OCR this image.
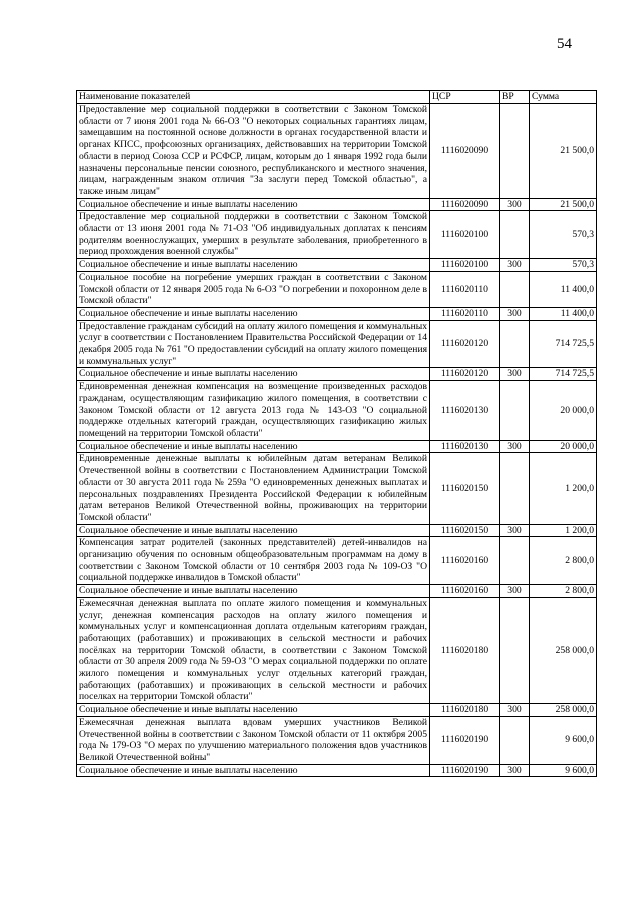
54
Наименование показателей	ЦСР	ВР	Сумма
Предоставление мер социальной поддержки в соответствии с Законом Томской области от 7 июня 2001 года № 66-ОЗ "О некоторых социальных гарантиях лицам, замещавшим на постоянной основе должности в органах государственной власти и органах КПСС, профсоюзных организациях, действовавших на территории Томской области в период Союза ССР и РСФСР, лицам, которым до 1 января 1992 года были назначены персональные пенсии союзного, республиканского и местного значения, лицам, награжденным знаком отличия "За заслуги перед Томской областью", а также иным лицам"	1116020090		21 500,0
Социальное обеспечение и иные выплаты населению	1116020090	300	21 500,0
Предоставление мер социальной поддержки в соответствии с Законом Томской области от 13 июня 2001 года № 71-ОЗ "Об индивидуальных доплатах к пенсиям родителям военнослужащих, умерших в результате заболевания, приобретенного в период прохождения военной службы"	1116020100		570,3
Социальное обеспечение и иные выплаты населению	1116020100	300	570,3
Социальное пособие на погребение умерших граждан в соответствии с Законом Томской области от 12 января 2005 года № 6-ОЗ "О погребении и похоронном деле в Томской области"	1116020110		11 400,0
Социальное обеспечение и иные выплаты населению	1116020110	300	11 400,0
Предоставление гражданам субсидий на оплату жилого помещения и коммунальных услуг в соответствии с Постановлением Правительства Российской Федерации от 14 декабря 2005 года № 761 "О предоставлении субсидий на оплату жилого помещения и коммунальных услуг"	1116020120		714 725,5
Социальное обеспечение и иные выплаты населению	1116020120	300	714 725,5
Единовременная денежная компенсация на возмещение произведенных расходов гражданам, осуществляющим газификацию жилого помещения, в соответствии с Законом Томской области от 12 августа 2013 года № 143-ОЗ "О социальной поддержке отдельных категорий граждан, осуществляющих газификацию жилых помещений на территории Томской области"	1116020130		20 000,0
Социальное обеспечение и иные выплаты населению	1116020130	300	20 000,0
Единовременные денежные выплаты к юбилейным датам ветеранам Великой Отечественной войны в соответствии с Постановлением Администрации Томской области от 30 августа 2011 года № 259а "О единовременных денежных выплатах и персональных поздравлениях Президента Российской Федерации к юбилейным датам ветеранов Великой Отечественной войны, проживающих на территории Томской области"	1116020150		1 200,0
Социальное обеспечение и иные выплаты населению	1116020150	300	1 200,0
Компенсация затрат родителей (законных представителей) детей-инвалидов на организацию обучения по основным общеобразовательным программам на дому в соответствии с Законом Томской области от 10 сентября 2003 года № 109-ОЗ "О социальной поддержке инвалидов в Томской области"	1116020160		2 800,0
Социальное обеспечение и иные выплаты населению	1116020160	300	2 800,0
Ежемесячная денежная выплата по оплате жилого помещения и коммунальных услуг, денежная компенсация расходов на оплату жилого помещения и коммунальных услуг и компенсационная доплата отдельным категориям граждан, работающих (работавших) и проживающих в сельской местности и рабочих посёлках на территории Томской области, в соответствии с Законом Томской области от 30 апреля 2009 года № 59-ОЗ "О мерах социальной поддержки по оплате жилого помещения и коммунальных услуг отдельных категорий граждан, работающих (работавших) и проживающих в сельской местности и рабочих поселках на территории Томской области"	1116020180		258 000,0
Социальное обеспечение и иные выплаты населению	1116020180	300	258 000,0
Ежемесячная денежная выплата вдовам умерших участников Великой Отечественной войны в соответствии с Законом Томской области от 11 октября 2005 года № 179-ОЗ "О мерах по улучшению материального положения вдов участников Великой Отечественной войны"	1116020190		9 600,0
Социальное обеспечение и иные выплаты населению	1116020190	300	9 600,0
